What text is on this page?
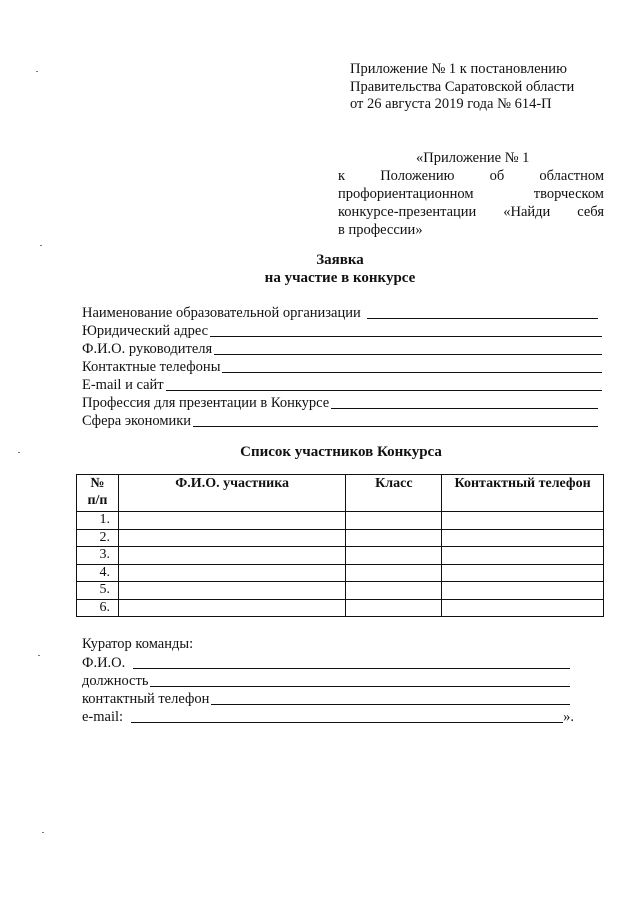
Приложение № 1 к постановлению
Правительства Саратовской области
от 26 августа 2019 года № 614-П
«Приложение № 1
к Положению об областном
профориентационном творческом
конкурсе-презентации «Найди себя
в профессии»
Заявка
на участие в конкурсе
Наименование образовательной организации
Юридический адрес
Ф.И.О. руководителя
Контактные телефоны
E-mail и сайт
Профессия для презентации в Конкурсе
Сфера экономики
Список участников Конкурса
№ п/п	Ф.И.О. участника	Класс	Контактный телефон
1.			
2.			
3.			
4.			
5.			
6.			
Куратор команды:
Ф.И.О.
должность
контактный телефон
e-mail:	».
